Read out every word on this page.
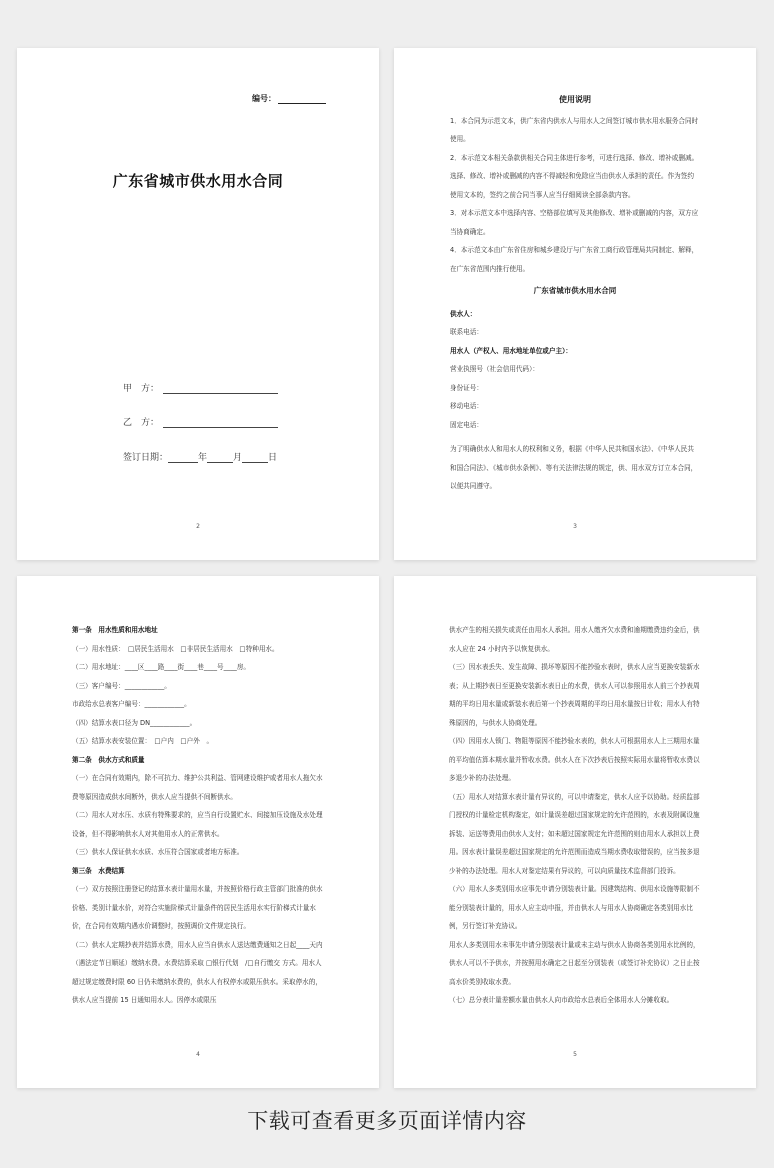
编号：
广东省城市供水用水合同
甲　方：
乙　方：
签订日期：	年	月	日
2

使用说明

1．本合同为示范文本，供广东省内供水人与用水人之间签订城市供水用水服务合同时使用。

2．本示范文本相关条款供相关合同主体进行参考，可进行选择、修改、增补或删减。选择、修改、增补或删减的内容不得减轻和免除应当由供水人承担的责任。作为签约使用文本的，签约之前合同当事人应当仔细阅读全部条款内容。

3．对本示范文本中选择内容、空格部位填写及其他修改、增补或删减的内容，双方应当协商确定。

4．本示范文本由广东省住房和城乡建设厅与广东省工商行政管理局共同制定、解释，在广东省范围内推行使用。

广东省城市供水用水合同

供水人：

联系电话：

用水人（产权人、用水地址单位或户主）：

营业执照号（社会信用代码）：

身份证号：

移动电话：

固定电话：

为了明确供水人和用水人的权利和义务，根据《中华人民共和国水法》、《中华人民共和国合同法》、《城市供水条例》、等有关法律法规的规定，供、用水双方订立本合同，以便共同遵守。

3

第一条　用水性质和用水地址

（一）用水性质：　□居民生活用水　□非居民生活用水　□特种用水。

（二）用水地址：____区____路____街____巷____号____房。

（三）客户编号：____________。

市政给水总表客户编号：____________。

（四）结算水表口径为 DN____________。

（五）结算水表安装位置：　□户内　□户外　。

第二条　供水方式和质量

（一）在合同有效期内，除不可抗力、维护公共利益、管网建设维护或者用水人拖欠水费等原因造成供水间断外，供水人应当提供不间断供水。

（二）用水人对水压、水质有特殊要求的，应当自行设置贮水、间接加压设施及水处理设备，但不得影响供水人对其他用水人的正常供水。

（三）供水人保证供水水质、水压符合国家或者地方标准。

第三条　水费结算

（一）双方按照注册登记的结算水表计量用水量，并按照价格行政主管部门批准的供水价格、类别计量水价，对符合实施阶梯式计量条件的居民生活用水实行阶梯式计量水价，在合同有效期内遇水价调整时，按照调价文件规定执行。

（二）供水人定期抄表并结算水费，用水人应当自供水人送达缴费通知之日起____天内（遇法定节日顺延）缴纳水费。水费结算采取 □银行代划　/□自行缴交 方式。用水人超过规定缴费时限 60 日仍未缴纳水费的，供水人有权停水或限压供水。采取停水的，供水人应当提前 15 日通知用水人。因停水或限压

4

供水产生的相关损失或责任由用水人承担。用水人缴齐欠水费和逾期缴费违约金后，供水人应在 24 小时内予以恢复供水。

（三）因水表丢失、发生故障、损坏等原因不能抄验水表时，供水人应当更换安装新水表；从上期抄表日至更换安装新水表日止的水费，供水人可以参照用水人前三个抄表周期的平均日用水量或新装水表后第一个抄表周期的平均日用水量按日计收；用水人有特殊原因的，与供水人协商处理。

（四）因用水人锁门、物阻等原因不能抄验水表的，供水人可根据用水人上三期用水量的平均值估算本期水量并暂收水费。供水人在下次抄表后按照实际用水量将暂收水费以多退少补的办法处理。

（五）用水人对结算水表计量有异议的，可以申请鉴定，供水人应予以协助。经质监部门授权的计量检定机构鉴定，如计量误差超过国家规定的允许范围的，水表及附属设施拆装、运送等费用由供水人支付；如未超过国家规定允许范围的则由用水人承担以上费用。因水表计量误差超过国家规定的允许范围而造成当期水费收取错误的，应当按多退少补的办法处理。用水人对鉴定结果有异议的，可以向质量技术监督部门投诉。

（六）用水人多类别用水应事先申请分别装表计量。因建筑结构、供用水设施等限制不能分别装表计量的，用水人应主动申报，并由供水人与用水人协商确定各类别用水比例，另行签订补充协议。

用水人多类别用水未事先申请分别装表计量或未主动与供水人协商各类别用水比例的，供水人可以不予供水，并按照用水确定之日起至分别装表（或签订补充协议）之日止按高水价类别收取水费。

（七）总分表计量差额水量由供水人向市政给水总表后全体用水人分摊收取。

5
下载可查看更多页面详情内容
